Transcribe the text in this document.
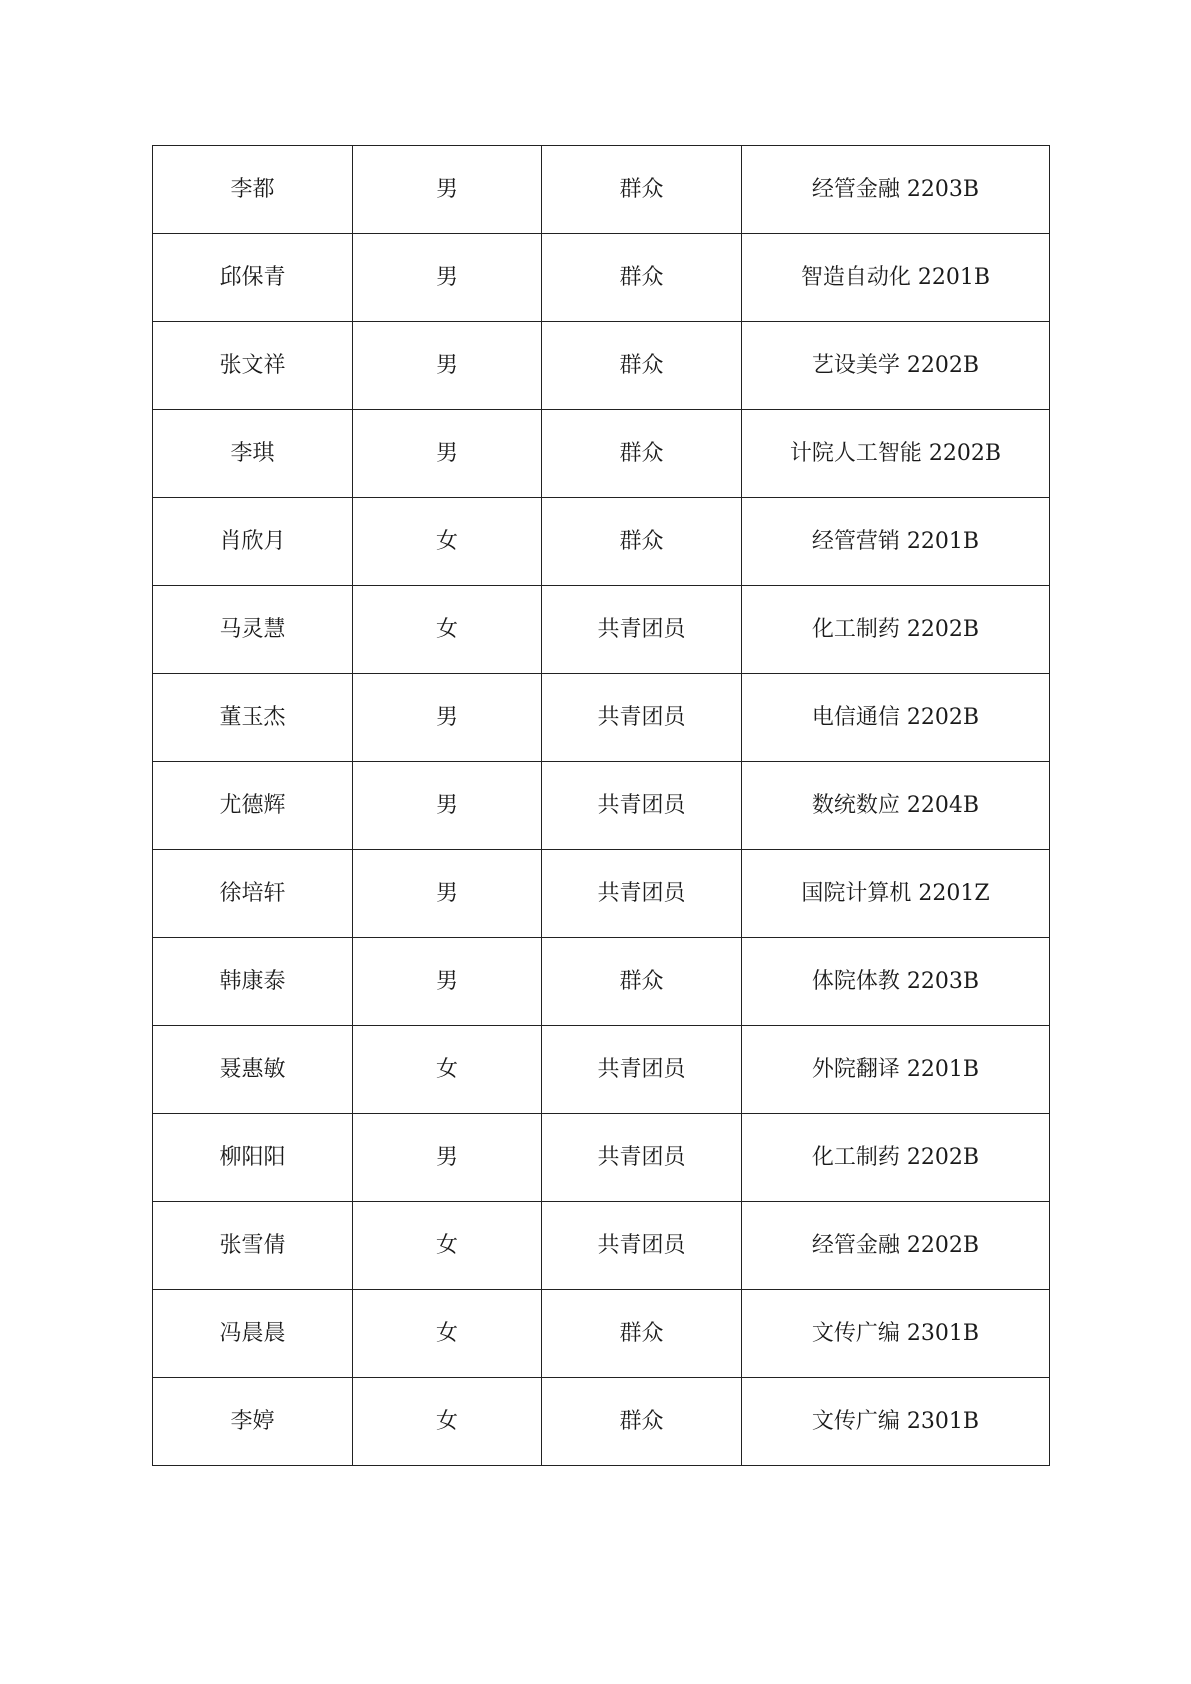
李都	男	群众	经管金融 2203B
邱保青	男	群众	智造自动化 2201B
张文祥	男	群众	艺设美学 2202B
李琪	男	群众	计院人工智能 2202B
肖欣月	女	群众	经管营销 2201B
马灵慧	女	共青团员	化工制药 2202B
董玉杰	男	共青团员	电信通信 2202B
尤德辉	男	共青团员	数统数应 2204B
徐培轩	男	共青团员	国院计算机 2201Z
韩康泰	男	群众	体院体教 2203B
聂惠敏	女	共青团员	外院翻译 2201B
柳阳阳	男	共青团员	化工制药 2202B
张雪倩	女	共青团员	经管金融 2202B
冯晨晨	女	群众	文传广编 2301B
李婷	女	群众	文传广编 2301B
